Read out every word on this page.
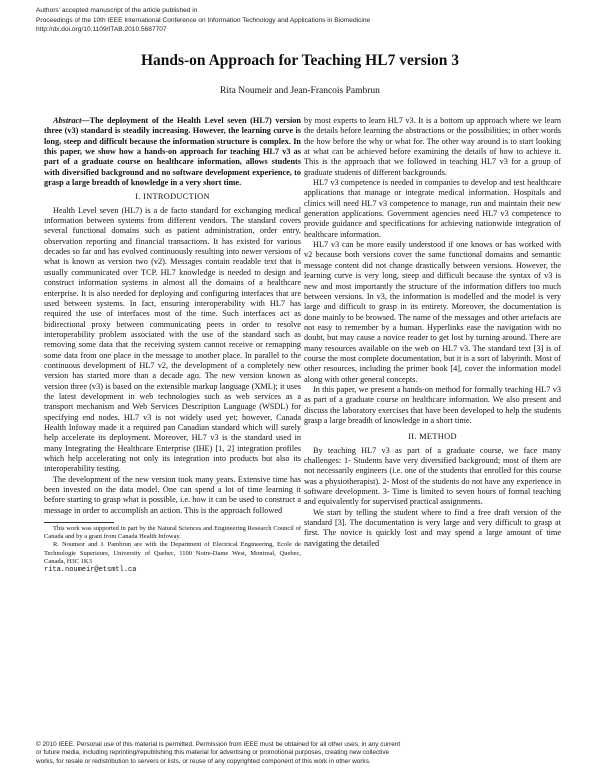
Authors' accepted manuscript of the article published in
Proceedings of the 10th IEEE International Conference on Information Technology and Applications in Biomedicine
http://dx.doi.org/10.1109/ITAB.2010.5687707
Hands-on Approach for Teaching HL7 version 3
Rita Noumeir and Jean-Francois Pambrun

Abstract—The deployment of the Health Level seven (HL7) version three (v3) standard is steadily increasing. However, the learning curve is long, steep and difficult because the information structure is complex. In this paper, we show how a hands-on approach for teaching HL7 v3 as part of a graduate course on healthcare information, allows students with diversified background and no software development experience, to grasp a large breadth of knowledge in a very short time.

I. INTRODUCTION

Health Level seven (HL7) is a de facto standard for exchanging medical information between systems from different vendors. The standard covers several functional domains such as patient administration, order entry, observation reporting and financial transactions. It has existed for various decades so far and has evolved continuously resulting into newer versions of what is known as version two (v2). Messages contain readable text that is usually communicated over TCP. HL7 knowledge is needed to design and construct information systems in almost all the domains of a healthcare enterprise. It is also needed for deploying and configuring interfaces that are used between systems. In fact, ensuring interoperability with HL7 has required the use of interfaces most of the time. Such interfaces act as bidirectional proxy between communicating peers in order to resolve interoperability problem associated with the use of the standard such as removing some data that the receiving system cannot receive or remapping some data from one place in the message to another place. In parallel to the continuous development of HL7 v2, the development of a completely new version has started more than a decade ago. The new version known as version three (v3) is based on the extensible markup language (XML); it uses the latest development in web technologies such as web services as a transport mechanism and Web Services Description Language (WSDL) for specifying end nodes. HL7 v3 is not widely used yet; however, Canada Health Infoway made it a required pan Canadian standard which will surely help accelerate its deployment. Moreover, HL7 v3 is the standard used in many Integrating the Healthcare Enterprise (IHE) [1, 2] integration profiles which help accelerating not only its integration into products but also its interoperability testing.

The development of the new version took many years. Extensive time has been invested on the data model. One can spend a lot of time learning it before starting to grasp what is possible, i.e. how it can be used to construct a message in order to accomplish an action. This is the approach followed

This work was supported in part by the Natural Sciences and Engineering Research Council of Canada and by a grant from Canada Health Infoway.

R. Noumeir and J. Pambrun are with the Department of Electrical Engineering, Ecole de Technologie Superieure, University of Quebec, 1100 Notre-Dame West, Montreal, Quebec, Canada, H3C 1K3

rita.noumeir@etsmtl.ca

by most experts to learn HL7 v3. It is a bottom up approach where we learn the details before learning the abstractions or the possibilities; in other words the how before the why or what for. The other way around is to start looking at what can be achieved before examining the details of how to achieve it. This is the approach that we followed in teaching HL7 v3 for a group of graduate students of different backgrounds.

HL7 v3 competence is needed in companies to develop and test healthcare applications that manage or integrate medical information. Hospitals and clinics will need HL7 v3 competence to manage, run and maintain their new generation applications. Government agencies need HL7 v3 competence to provide guidance and specifications for achieving nationwide integration of healthcare information.

HL7 v3 can be more easily understood if one knows or has worked with v2 because both versions cover the same functional domains and semantic message content did not change drastically between versions. However, the learning curve is very long, steep and difficult because the syntax of v3 is new and most importantly the structure of the information differs too much between versions. In v3, the information is modelled and the model is very large and difficult to grasp in its entirety. Moreover, the documentation is done mainly to be browsed. The name of the messages and other artefacts are not easy to remember by a human. Hyperlinks ease the navigation with no doubt, but may cause a novice reader to get lost by turning around. There are many resources available on the web on HL7 v3. The standard text [3] is of course the most complete documentation, but it is a sort of labyrinth. Most of other resources, including the primer book [4], cover the information model along with other general concepts.

In this paper, we present a hands-on method for formally teaching HL7 v3 as part of a graduate course on healthcare information. We also present and discuss the laboratory exercises that have been developed to help the students grasp a large breadth of knowledge in a short time.

II. METHOD

By teaching HL7 v3 as part of a graduate course, we face many challenges: 1- Students have very diversified background; most of them are not necessarily engineers (i.e. one of the students that enrolled for this course was a physiotherapist). 2- Most of the students do not have any experience in software development. 3- Time is limited to seven hours of formal teaching and equivalently for supervised practical assignments.

We start by telling the student where to find a free draft version of the standard [3]. The documentation is very large and very difficult to grasp at first. The novice is quickly lost and may spend a large amount of time navigating the detailed

© 2010 IEEE. Personal use of this material is permitted. Permission from IEEE must be obtained for all other uses, in any current
or future media, including reprinting/republishing this material for advertising or promotional purposes, creating new collective
works, for resale or redistribution to servers or lists, or reuse of any copyrighted component of this work in other works.
